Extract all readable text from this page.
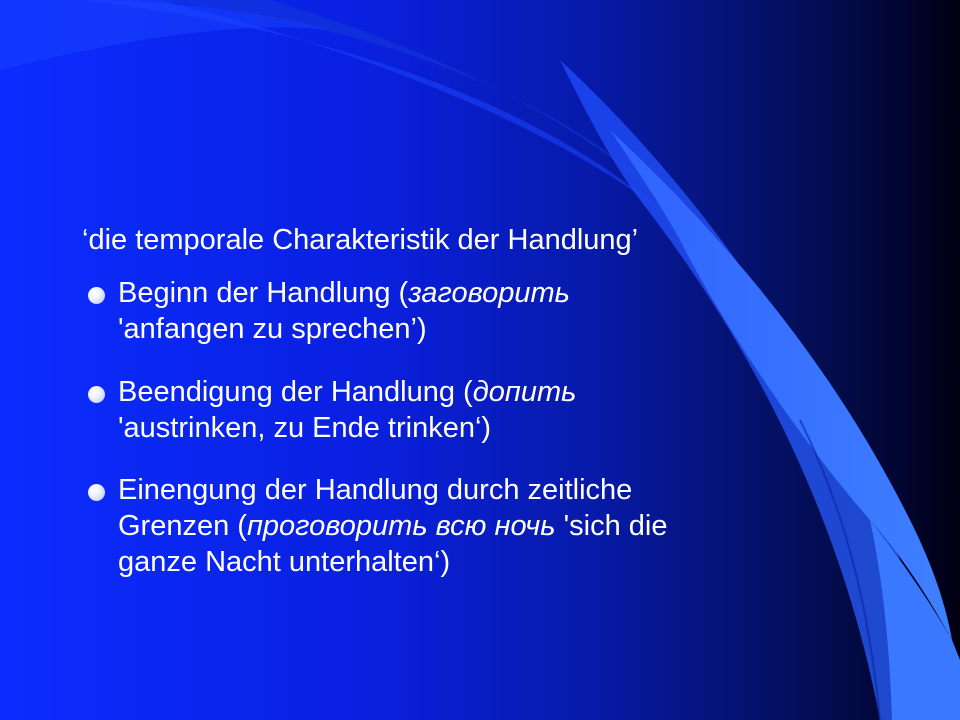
‘die temporale Charakteristik der Handlung’

Beginn der Handlung (заговорить
'anfangen zu sprechen’)
Beendigung der Handlung (допить
'austrinken, zu Ende trinken‘)
Einengung der Handlung durch zeitliche
Grenzen (проговорить всю ночь 'sich die
ganze Nacht unterhalten‘)
